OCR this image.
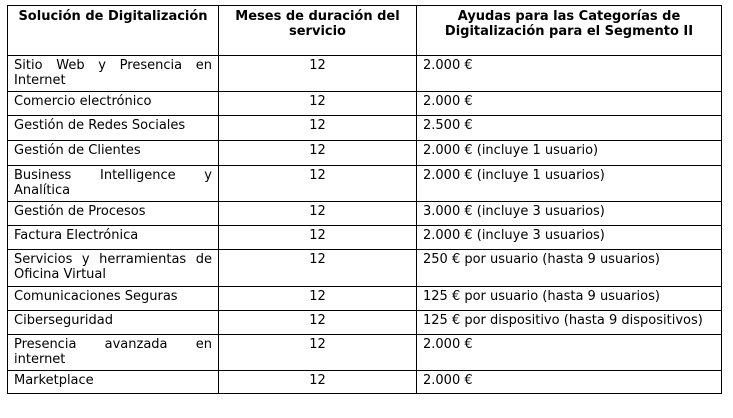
Solución de Digitalización	Meses de duración del servicio	Ayudas para las Categorías de Digitalización para el Segmento II
Sitio Web y Presencia en Internet	12	2.000 €
Comercio electrónico	12	2.000 €
Gestión de Redes Sociales	12	2.500 €
Gestión de Clientes	12	2.000 € (incluye 1 usuario)
Business Intelligence y Analítica	12	2.000 € (incluye 1 usuarios)
Gestión de Procesos	12	3.000 € (incluye 3 usuarios)
Factura Electrónica	12	2.000 € (incluye 3 usuarios)
Servicios y herramientas de Oficina Virtual	12	250 € por usuario (hasta 9 usuarios)
Comunicaciones Seguras	12	125 € por usuario (hasta 9 usuarios)
Ciberseguridad	12	125 € por dispositivo (hasta 9 dispositivos)
Presencia avanzada en internet	12	2.000 €
Marketplace	12	2.000 €
